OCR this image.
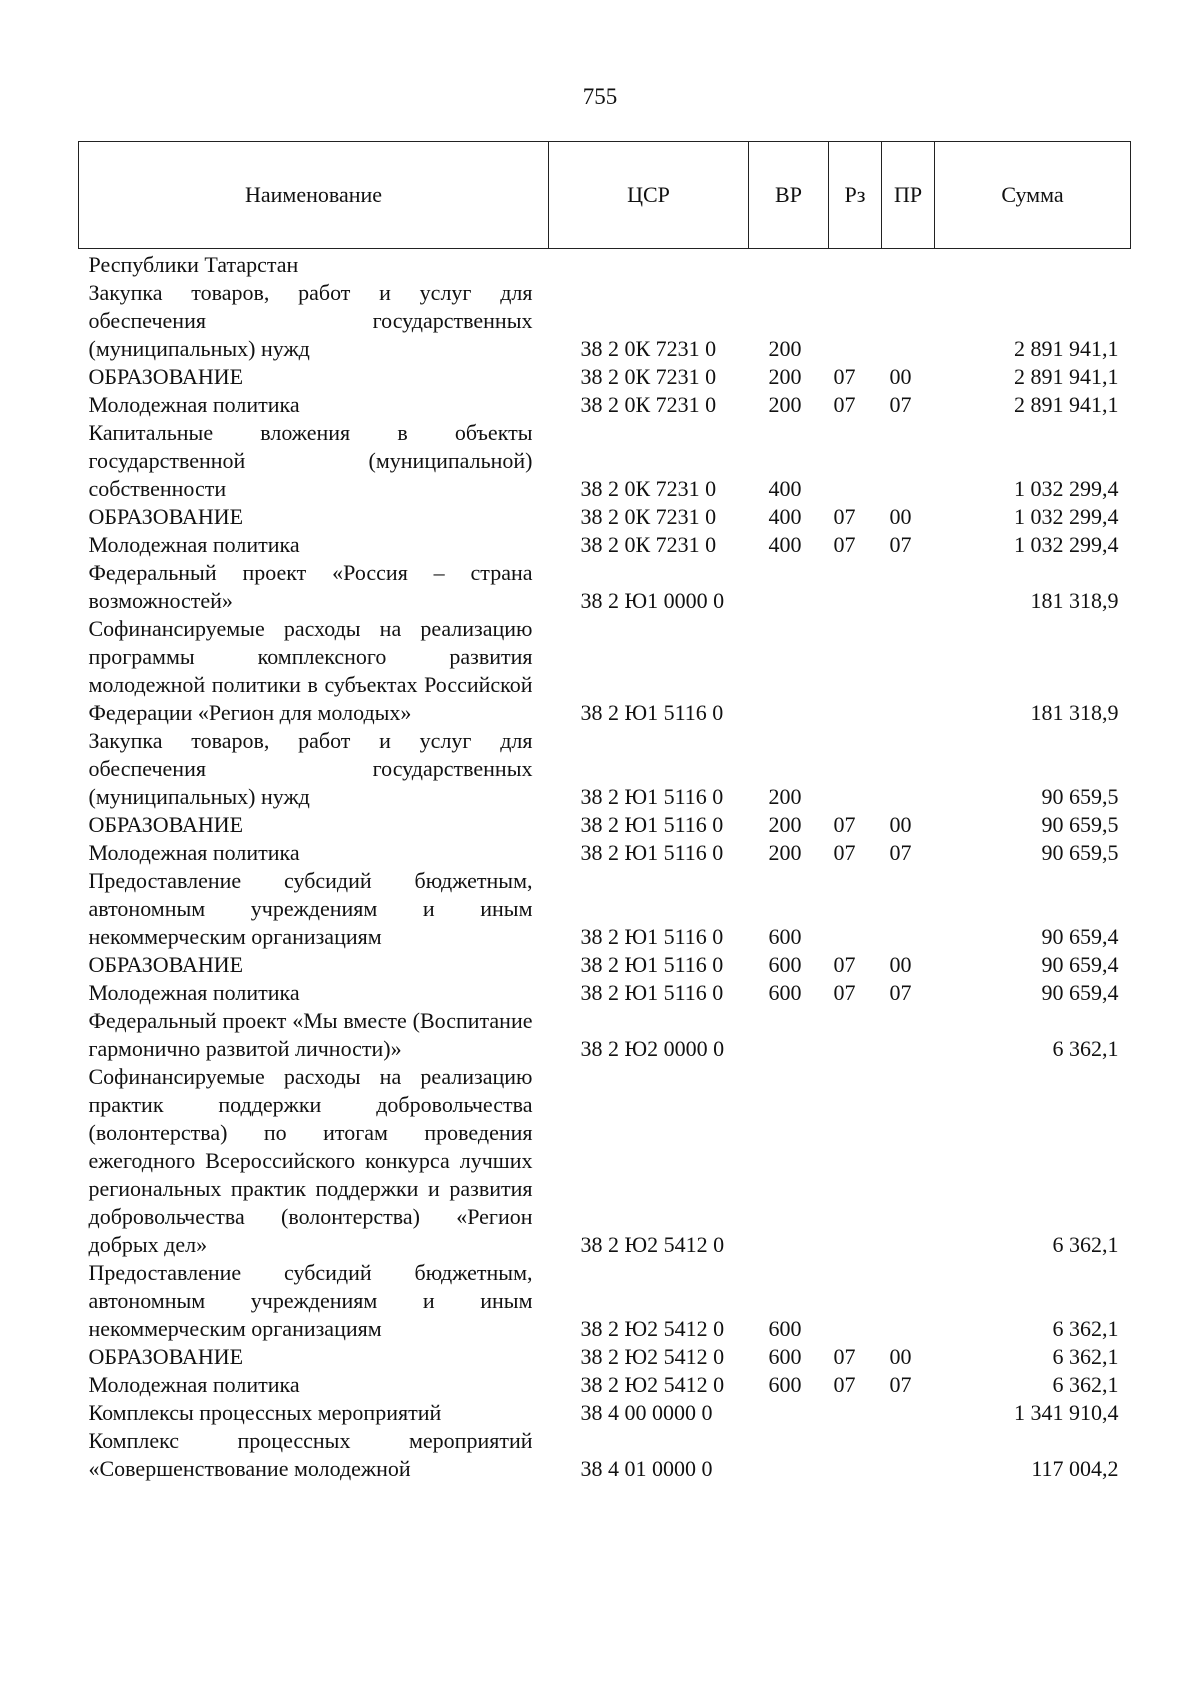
755
Наименование	ЦСР	ВР	Рз	ПР	Сумма
Республики Татарстан					
Закупка товаров, работ и услуг для обеспечения государственных (муниципальных) нужд	38 2 0К 7231 0	200			2 891 941,1
ОБРАЗОВАНИЕ	38 2 0К 7231 0	200	07	00	2 891 941,1
Молодежная политика	38 2 0К 7231 0	200	07	07	2 891 941,1
Капитальные вложения в объекты государственной (муниципальной) собственности	38 2 0К 7231 0	400			1 032 299,4
ОБРАЗОВАНИЕ	38 2 0К 7231 0	400	07	00	1 032 299,4
Молодежная политика	38 2 0К 7231 0	400	07	07	1 032 299,4
Федеральный проект «Россия – страна возможностей»	38 2 Ю1 0000 0				181 318,9
Софинансируемые расходы на реализацию программы комплексного развития молодежной политики в субъектах Российской Федерации «Регион для молодых»	38 2 Ю1 5116 0				181 318,9
Закупка товаров, работ и услуг для обеспечения государственных (муниципальных) нужд	38 2 Ю1 5116 0	200			90 659,5
ОБРАЗОВАНИЕ	38 2 Ю1 5116 0	200	07	00	90 659,5
Молодежная политика	38 2 Ю1 5116 0	200	07	07	90 659,5
Предоставление субсидий бюджетным, автономным учреждениям и иным некоммерческим организациям	38 2 Ю1 5116 0	600			90 659,4
ОБРАЗОВАНИЕ	38 2 Ю1 5116 0	600	07	00	90 659,4
Молодежная политика	38 2 Ю1 5116 0	600	07	07	90 659,4
Федеральный проект «Мы вместе (Воспитание гармонично развитой личности)»	38 2 Ю2 0000 0				6 362,1
Софинансируемые расходы на реализацию практик поддержки добровольчества (волонтерства) по итогам проведения ежегодного Всероссийского конкурса лучших региональных практик поддержки и развития добровольчества (волонтерства) «Регион добрых дел»	38 2 Ю2 5412 0				6 362,1
Предоставление субсидий бюджетным, автономным учреждениям и иным некоммерческим организациям	38 2 Ю2 5412 0	600			6 362,1
ОБРАЗОВАНИЕ	38 2 Ю2 5412 0	600	07	00	6 362,1
Молодежная политика	38 2 Ю2 5412 0	600	07	07	6 362,1
Комплексы процессных мероприятий	38 4 00 0000 0				1 341 910,4
Комплекс процессных мероприятий «Совершенствование молодежной	38 4 01 0000 0				117 004,2
